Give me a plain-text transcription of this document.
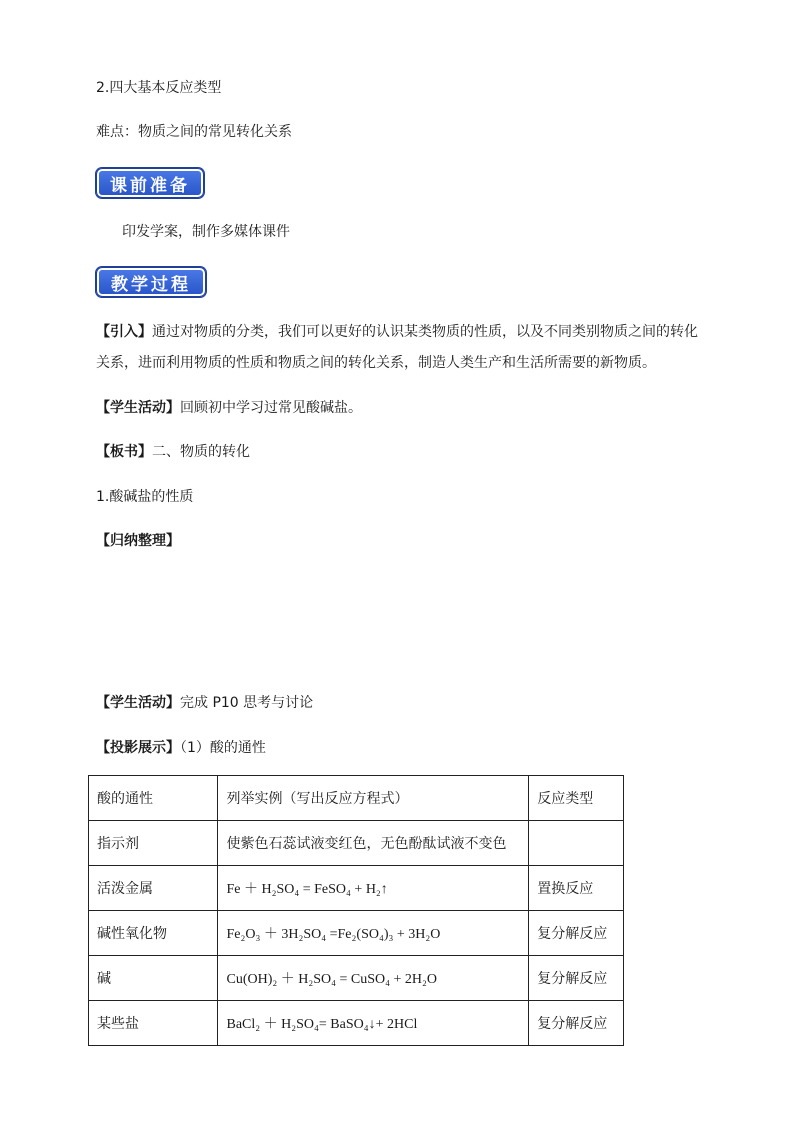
2.四大基本反应类型
难点：物质之间的常见转化关系
课前准备
印发学案，制作多媒体课件
教学过程
【引入】通过对物质的分类，我们可以更好的认识某类物质的性质，以及不同类别物质之间的转化
关系，进而利用物质的性质和物质之间的转化关系，制造人类生产和生活所需要的新物质。
【学生活动】回顾初中学习过常见酸碱盐。
【板书】二、物质的转化
1.酸碱盐的性质
【归纳整理】
【学生活动】完成 P10 思考与讨论
【投影展示】（1）酸的通性
酸的通性	列举实例（写出反应方程式）	反应类型
指示剂	使紫色石蕊试液变红色，无色酚酞试液不变色	
活泼金属	Fe ＋ H₂SO₄ = FeSO₄ + H₂↑	置换反应
碱性氧化物	Fe₂O₃ ＋ 3H₂SO₄ =Fe₂(SO₄)₃ + 3H₂O	复分解反应
碱	Cu(OH)₂ ＋ H₂SO₄ = CuSO₄ + 2H₂O	复分解反应
某些盐	BaCl₂ ＋ H₂SO₄= BaSO₄↓+ 2HCl	复分解反应
